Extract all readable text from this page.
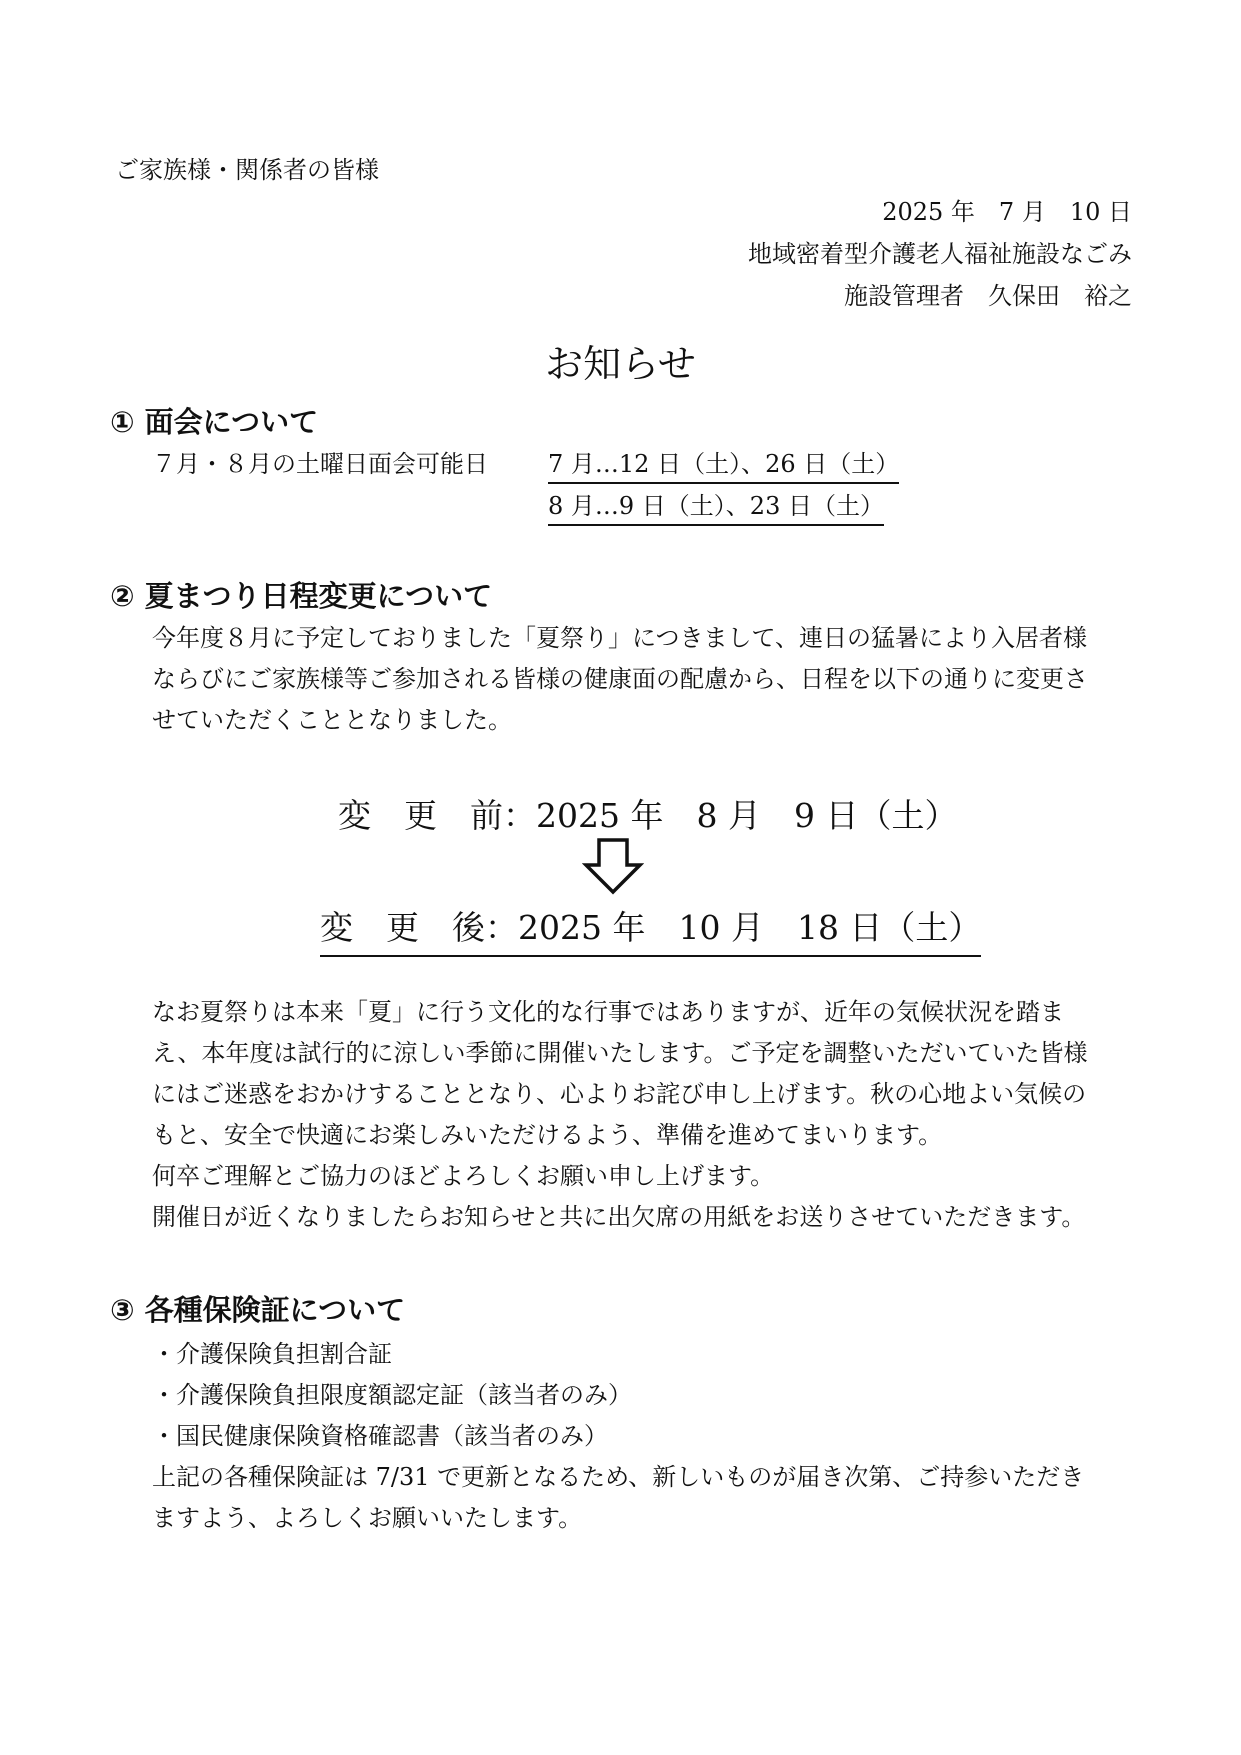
ご家族様・関係者の皆様
2025 年　7 月　10 日
地域密着型介護老人福祉施設なごみ
施設管理者　久保田　裕之
お知らせ
① 面会について
７月・８月の土曜日面会可能日	7 月…12 日（土）、26 日（土）
8 月…9 日（土）、23 日（土）
② 夏まつり日程変更について

今年度８月に予定しておりました「夏祭り」につきまして、連日の猛暑により入居者様

ならびにご家族様等ご参加される皆様の健康面の配慮から、日程を以下の通りに変更さ

せていただくこととなりました。

変　更　前 ：2025 年　8 月　9 日（土）
変　更　後 ：2025 年　10 月　18 日（土）

なお夏祭りは本来「夏」に行う文化的な行事ではありますが、近年の気候状況を踏ま

え、本年度は試行的に涼しい季節に開催いたします。ご予定を調整いただいていた皆様

にはご迷惑をおかけすることとなり、心よりお詫び申し上げます。秋の心地よい気候の

もと、安全で快適にお楽しみいただけるよう、準備を進めてまいります。

何卒ご理解とご協力のほどよろしくお願い申し上げます。

開催日が近くなりましたらお知らせと共に出欠席の用紙をお送りさせていただきます。

③ 各種保険証について

・介護保険負担割合証

・介護保険負担限度額認定証（該当者のみ）

・国民健康保険資格確認書（該当者のみ）

上記の各種保険証は 7/31 で更新となるため、新しいものが届き次第、ご持参いただき

ますよう、よろしくお願いいたします。
